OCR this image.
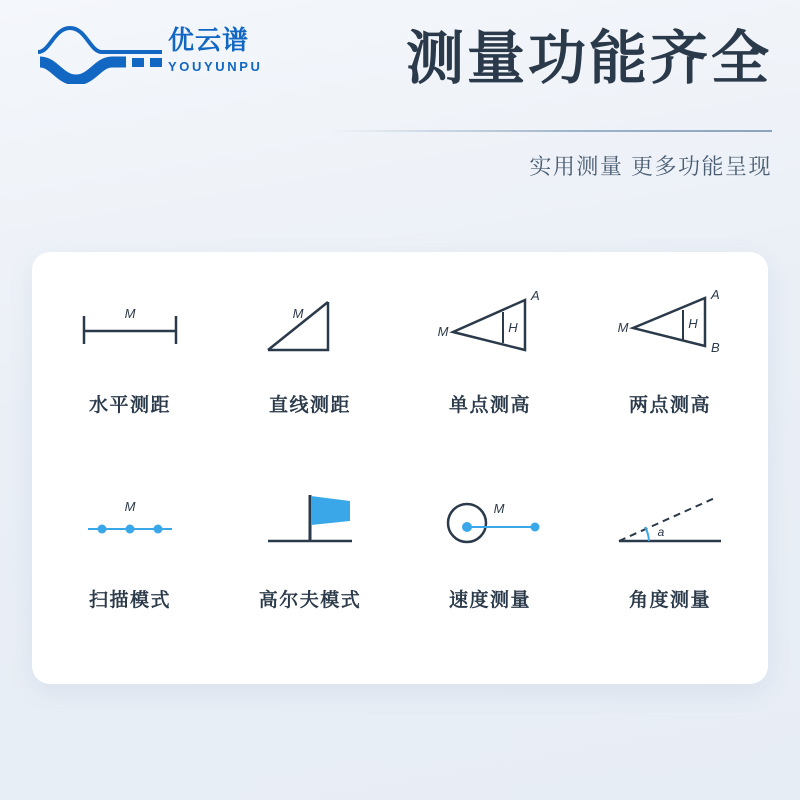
优云谱
YOUYUNPU 测量功能齐全
实用测量 更多功能呈现
M
水平测距
M
直线测距
M	H
A
单点测高
M	H
A
B
两点测高
M
扫描模式	高尔夫模式
M
速度测量
a
角度测量
